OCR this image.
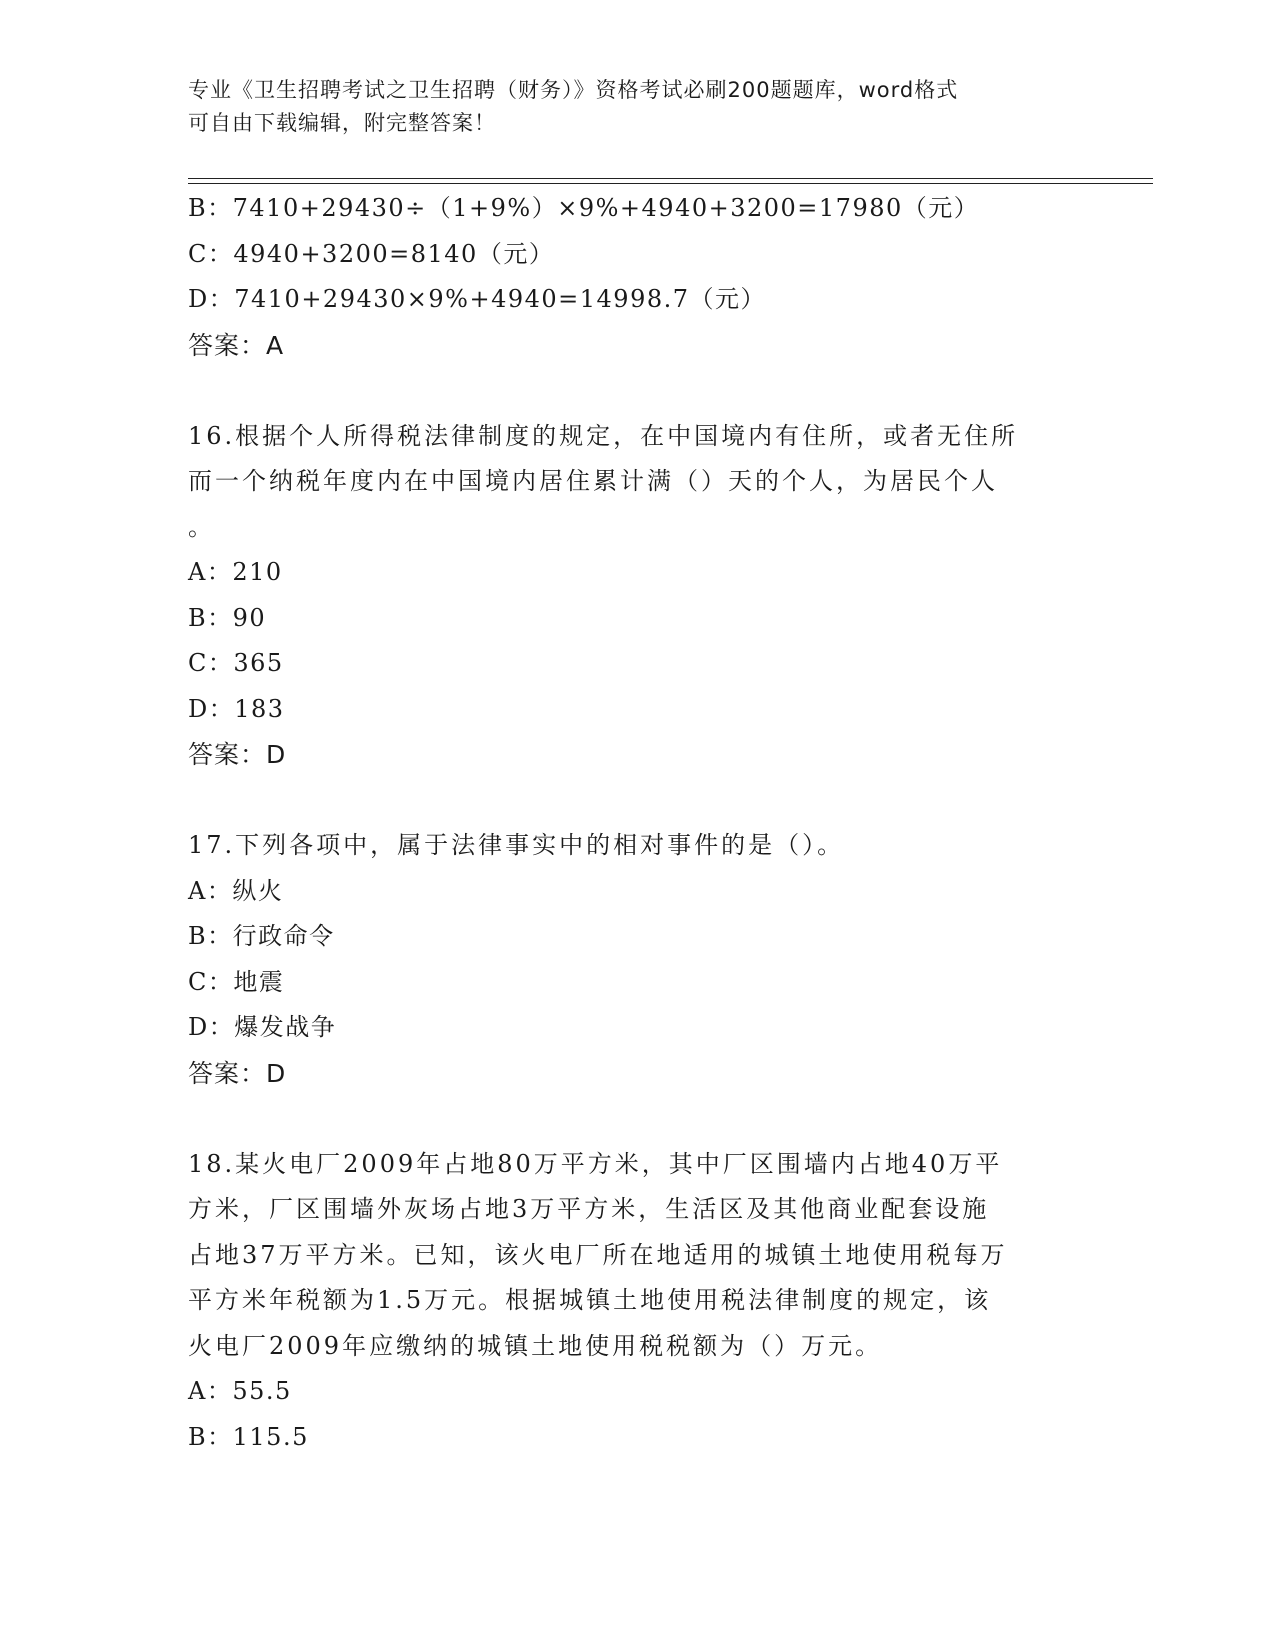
专业《卫生招聘考试之卫生招聘（财务）》资格考试必刷200题题库，word格式
可自由下载编辑，附完整答案！
B：7410+29430÷（1+9%）×9%+4940+3200=17980（元）
C：4940+3200=8140（元）
D：7410+29430×9%+4940=14998.7（元）
答案：A
16.根据个人所得税法律制度的规定，在中国境内有住所，或者无住所
而一个纳税年度内在中国境内居住累计满（）天的个人，为居民个人
。
A：210
B：90
C：365
D：183
答案：D
17.下列各项中，属于法律事实中的相对事件的是（）。
A：纵火
B：行政命令
C：地震
D：爆发战争
答案：D
18.某火电厂2009年占地80万平方米，其中厂区围墙内占地40万平
方米，厂区围墙外灰场占地3万平方米，生活区及其他商业配套设施
占地37万平方米。已知，该火电厂所在地适用的城镇土地使用税每万
平方米年税额为1.5万元。根据城镇土地使用税法律制度的规定，该
火电厂2009年应缴纳的城镇土地使用税税额为（）万元。
A：55.5
B：115.5
